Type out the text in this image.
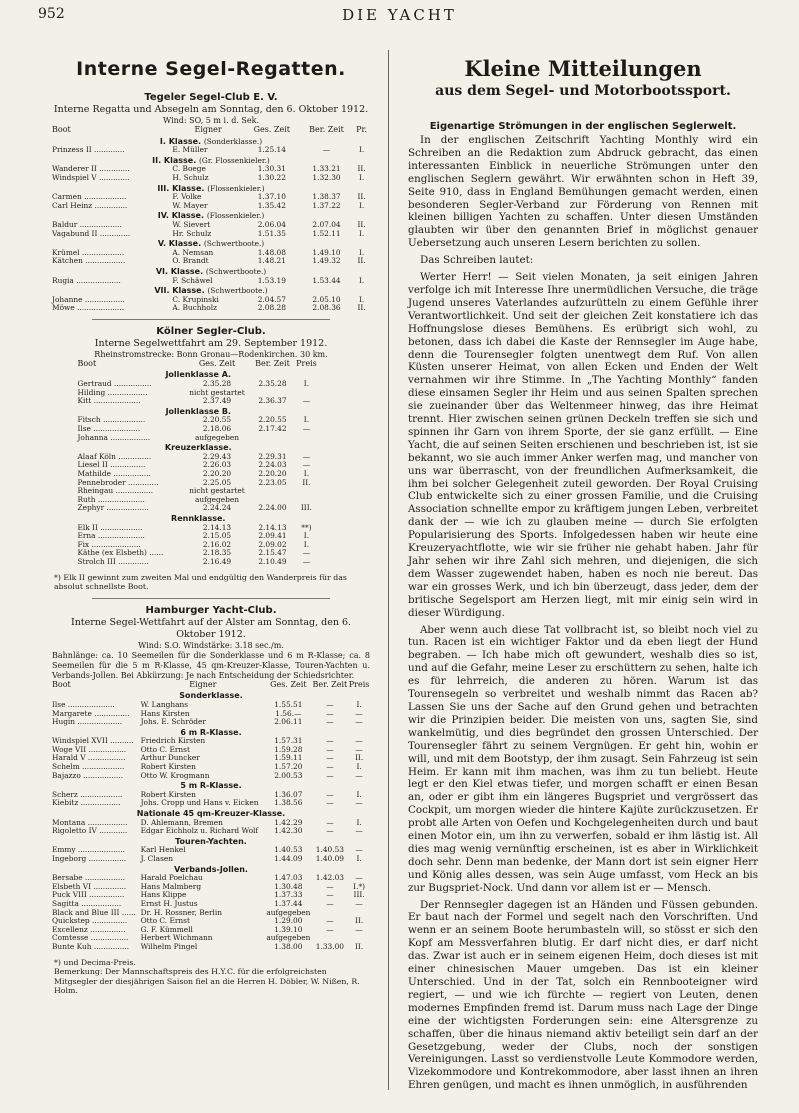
952	DIE YACHT
Interne Segel-Regatten.
Tegeler Segel-Club E. V.
Interne Regatta und Absegeln am Sonntag, den 6. Oktober 1912.
Wind: SO, 5 m i. d. Sek.
Boot	Eigner	Ges. Zeit	Ber. Zeit	Pr.
I. Klasse. (Sonderklasse.)				
Prinzess II .............	E. Müller	1.25.14	—	I.
II. Klasse. (Gr. Flossenkieler.)				
Wanderer II .............	C. Boege	1.30.31	1.33.21	II.
Windspiel V .............	H. Schulz	1.30.22	1.32.30	I.
III. Klasse. (Flossenkieler.)				
Carmen ..................	F. Volke	1.37.10	1.38.37	II.
Carl Heinz ..............	W. Mayer	1.35.42	1.37.22	I.
IV. Klasse. (Flossenkieler.)				
Baldur ..................	W. Sievert	2.06.04	2.07.04	II.
Vagabund II .............	Hr. Schulz	1.51.35	1.52.11	I.
V. Klasse. (Schwertboote.)				
Krümel ..................	A. Nemsan	1.48.08	1.49.10	I.
Kätchen .................	O. Brandt	1.48.21	1.49.32	II.
VI. Klasse. (Schwertboote.)				
Rugia ...................	F. Schäwel	1.53.19	1.53.44	I.
VII. Klasse. (Schwertboote.)				
Johanne .................	C. Krupinski	2.04.57	2.05.10	I.
Möwe ....................	A. Buchholz	2.08.28	2.08.36	II.
Kölner Segler-Club.
Interne Segelwettfahrt am 29. September 1912.
Rheinstromstrecke: Bonn Gronau—Rodenkirchen. 30 km.
Boot	Ges. Zeit	Ber. Zeit	Preis
Jollenklasse A.			
Gertraud ................	2.35.28	2.35.28	I.
Hilding .................	nicht gestartet		
Kitt ....................	2.37.49	2.36.37	—
Jollenklasse B.			
Fitsch ..................	2.20.55	2.20.55	I.
Ilse ....................	2.18.06	2.17.42	—
Johanna .................	aufgegeben		
Kreuzerklasse.			
Alaaf Köln ..............	2.29.43	2.29.31	—
Liesel II ...............	2.26.03	2.24.03	—
Mathilde ................	2.20.20	2.20.20	I.
Pennebroder .............	2.25.05	2.23.05	II.
Rheingau ................	nicht gestartet		
Ruth ....................	aufgegeben		
Zephyr ..................	2.24.24	2.24.00	III.
Rennklasse.			
Elk II ..................	2.14.13	2.14.13	**)
Erna ....................	2.15.05	2.09.41	I.
Fix .....................	2.16.02	2.09.02	I.
Käthe (ex Elsbeth) ......	2.18.35	2.15.47	—
Strolch III .............	2.16.49	2.10.49	—
*) Elk II gewinnt zum zweiten Mal und endgültig den Wanderpreis für das absolut schnellste Boot.
Hamburger Yacht-Club.
Interne Segel-Wettfahrt auf der Alster am Sonntag, den 6. Oktober 1912.
Wind: S.O. Windstärke: 3.18 sec./m.
Bahnlänge: ca. 10 Seemeilen für die Sonderklasse und 6 m R-Klasse; ca. 8 Seemeilen für die 5 m R-Klasse, 45 qm-Kreuzer-Klasse, Touren-Yachten u. Verbands-Jollen. Bei Abkürzung: Je nach Entscheidung der Schiedsrichter.
Boot	Eigner	Ges. Zeit	Ber. Zeit	Preis
Sonderklasse.				
Ilse ....................	W. Langhans	1.55.51	—	I.
Margarete ...............	Hans Kirsten	1.56.—	—	—
Hugin ...................	Johs. E. Schröder	2.06.11	—	—
6 m R-Klasse.				
Windspiel XVII ..........	Friedrich Kirsten	1.57.31	—	—
Woge VII ................	Otto C. Ernst	1.59.28	—	—
Harald V ................	Arthur Duncker	1.59.11	—	II.
Schelm ..................	Robert Kirsten	1.57.20	—	I.
Bajazzo .................	Otto W. Krogmann	2.00.53	—	—
5 m R-Klasse.				
Scherz ..................	Robert Kirsten	1.36.07	—	I.
Kiebitz .................	Johs. Cropp und Hans v. Eicken	1.38.56	—	—
Nationale 45 qm-Kreuzer-Klasse.				
Montana .................	D. Ahlemann, Bremen	1.42.29	—	I.
Rigoletto IV ............	Edgar Eichholz u. Richard Wolf	1.42.30	—	—
Touren-Yachten.				
Emmy ....................	Karl Henkel	1.40.53	1.40.53	—
Ingeborg ................	J. Clasen	1.44.09	1.40.09	I.
Verbands-Jollen.				
Bersabe .................	Harald Poelchau	1.47.03	1.42.03	—
Elsbeth VI ..............	Hans Malmberg	1.30.48	—	I.*)
Puck VIII ...............	Hans Klippe	1.37.33	—	III.
Sagitta .................	Ernst H. Justus	1.37.44	—	—
Black and Blue III ......	Dr. H. Rossner, Berlin	aufgegeben		
Quickstep ...............	Otto C. Ernst	1.29.00	—	II.
Excellenz ...............	G. F. Kümmell	1.39.10	—	—
Comtesse ................	Herbert Wichmann	aufgegeben		
Bunte Kuh ...............	Wilhelm Pingel	1.38.00	1.33.00	II.
*) und Decima-Preis.
Bemerkung: Der Mannschaftspreis des H.Y.C. für die erfolgreichsten Mitgsegler der diesjährigen Saison fiel an die Herren H. Döbler, W. Nißen, R. Holm.
Kleine Mitteilungen
aus dem Segel- und Motorbootssport.
Eigenartige Strömungen in der englischen Seglerwelt.

In der englischen Zeitschrift Yachting Monthly wird ein Schreiben an die Redaktion zum Abdruck gebracht, das einen interessanten Einblick in neuerliche Strömungen unter den englischen Seglern gewährt. Wir erwähnten schon in Heft 39, Seite 910, dass in England Bemühungen gemacht werden, einen besonderen Segler-Verband zur Förderung von Rennen mit kleinen billigen Yachten zu schaffen. Unter diesen Umständen glaubten wir über den genannten Brief in möglichst genauer Uebersetzung auch unseren Lesern berichten zu sollen.

Das Schreiben lautet:

Werter Herr! — Seit vielen Monaten, ja seit einigen Jahren verfolge ich mit Interesse Ihre unermüdlichen Versuche, die träge Jugend unseres Vaterlandes aufzurütteln zu einem Gefühle ihrer Verantwortlichkeit. Und seit der gleichen Zeit konstatiere ich das Hoffnungslose dieses Bemühens. Es erübrigt sich wohl, zu betonen, dass ich dabei die Kaste der Rennsegler im Auge habe, denn die Tourensegler folgten unentwegt dem Ruf. Von allen Küsten unserer Heimat, von allen Ecken und Enden der Welt vernahmen wir ihre Stimme. In „The Yachting Monthly“ fanden diese einsamen Segler ihr Heim und aus seinen Spalten sprechen sie zueinander über das Weltenmeer hinweg, das ihre Heimat trennt. Hier zwischen seinen grünen Deckeln treffen sie sich und spinnen ihr Garn von ihrem Sporte, der sie ganz erfüllt. — Eine Yacht, die auf seinen Seiten erschienen und beschrieben ist, ist sie bekannt, wo sie auch immer Anker werfen mag, und mancher von uns war überrascht, von der freundlichen Aufmerksamkeit, die ihm bei solcher Gelegenheit zuteil geworden. Der Royal Cruising Club entwickelte sich zu einer grossen Familie, und die Cruising Association schnellte empor zu kräftigem jungen Leben, verbreitet dank der — wie ich zu glauben meine — durch Sie erfolgten Popularisierung des Sports. Infolgedessen haben wir heute eine Kreuzeryachtflotte, wie wir sie früher nie gehabt haben. Jahr für Jahr sehen wir ihre Zahl sich mehren, und diejenigen, die sich dem Wasser zugewendet haben, haben es noch nie bereut. Das war ein grosses Werk, und ich bin überzeugt, dass jeder, dem der britische Segelsport am Herzen liegt, mit mir einig sein wird in dieser Würdigung.

Aber wenn auch diese Tat vollbracht ist, so bleibt noch viel zu tun. Racen ist ein wichtiger Faktor und da eben liegt der Hund begraben. — Ich habe mich oft gewundert, weshalb dies so ist, und auf die Gefahr, meine Leser zu erschüttern zu sehen, halte ich es für lehrreich, die anderen zu hören. Warum ist das Tourensegeln so verbreitet und weshalb nimmt das Racen ab? Lassen Sie uns der Sache auf den Grund gehen und betrachten wir die Prinzipien beider. Die meisten von uns, sagten Sie, sind wankelmütig, und dies begründet den grossen Unterschied. Der Tourensegler fährt zu seinem Vergnügen. Er geht hin, wohin er will, und mit dem Bootstyp, der ihm zusagt. Sein Fahrzeug ist sein Heim. Er kann mit ihm machen, was ihm zu tun beliebt. Heute legt er den Kiel etwas tiefer, und morgen schafft er einen Besan an, oder er gibt ihm ein längeres Bugspriet und vergrössert das Cockpit, um morgen wieder die hintere Kajüte zurückzusetzen. Er probt alle Arten von Oefen und Kochgelegenheiten durch und baut einen Motor ein, um ihn zu verwerfen, sobald er ihm lästig ist. All dies mag wenig vernünftig erscheinen, ist es aber in Wirklichkeit doch sehr. Denn man bedenke, der Mann dort ist sein eigner Herr und König alles dessen, was sein Auge umfasst, vom Heck an bis zur Bugspriet-Nock. Und dann vor allem ist er — Mensch.

Der Rennsegler dagegen ist an Händen und Füssen gebunden. Er baut nach der Formel und segelt nach den Vorschriften. Und wenn er an seinem Boote herumbasteln will, so stösst er sich den Kopf am Messverfahren blutig. Er darf nicht dies, er darf nicht das. Zwar ist auch er in seinem eigenen Heim, doch dieses ist mit einer chinesischen Mauer umgeben. Das ist ein kleiner Unterschied. Und in der Tat, solch ein Rennbooteigner wird regiert, — und wie ich fürchte — regiert von Leuten, denen modernes Empfinden fremd ist. Darum muss nach Lage der Dinge eine der wichtigsten Forderungen sein: eine Altersgrenze zu schaffen, über die hinaus niemand aktiv beteiligt sein darf an der Gesetzgebung, weder der Clubs, noch der sonstigen Vereinigungen. Lasst so verdienstvolle Leute Kommodore werden, Vizekommodore und Kontrekommodore, aber lasst ihnen an ihren Ehren genügen, und macht es ihnen unmöglich, in ausführenden
